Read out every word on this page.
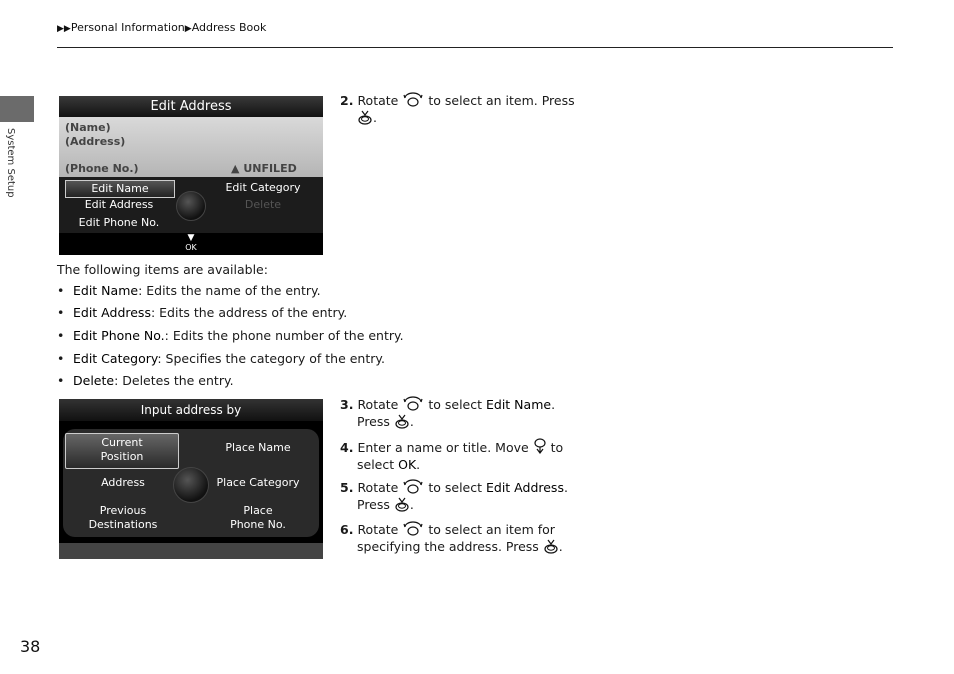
▶▶Personal Information▶Address Book
System Setup
Edit Address
(Name)
(Address)
(Phone No.)	▲ UNFILED
Edit Name
Edit Address
Edit Phone No.
Edit Category
Delete
▼
OK
The following items are available:
• Edit Name: Edits the name of the entry.
• Edit Address: Edits the address of the entry.
• Edit Phone No.: Edits the phone number of the entry.
• Edit Category: Specifies the category of the entry.
• Delete: Deletes the entry.
Input address by
Current Position
Place Name
Address	Place Category
Previous Destinations
Place Phone No.
2. Rotate to select an item. Press
.
3. Rotate to select Edit Name.
Press .
4. Enter a name or title. Move to
select OK.
5. Rotate to select Edit Address.
Press .
6. Rotate to select an item for
specifying the address. Press .
38
